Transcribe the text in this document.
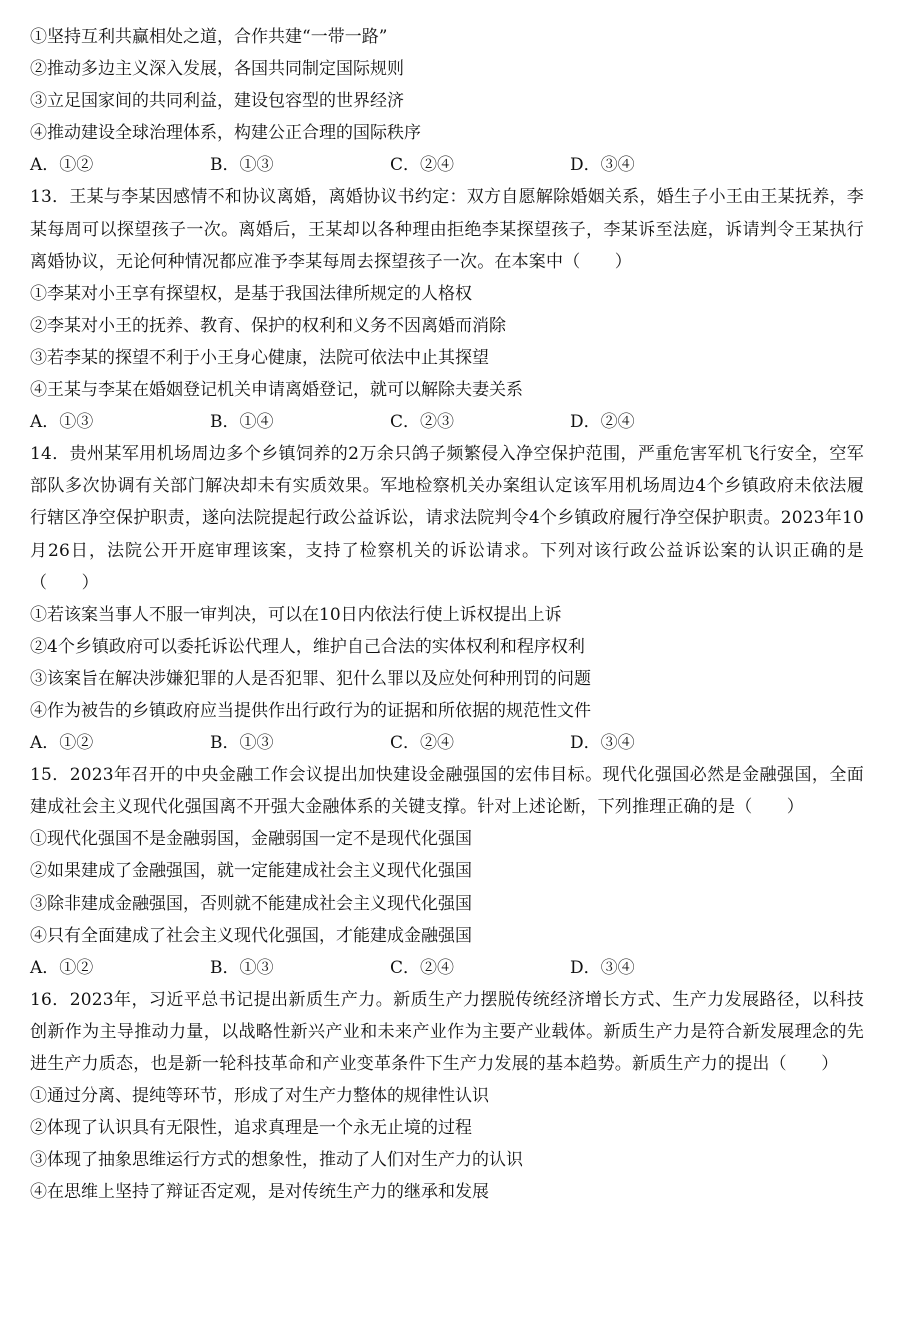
①坚持互利共赢相处之道，合作共建“一带一路”
②推动多边主义深入发展，各国共同制定国际规则
③立足国家间的共同利益，建设包容型的世界经济
④推动建设全球治理体系，构建公正合理的国际秩序
A．①②	B．①③	C．②④	D．③④
13．王某与李某因感情不和协议离婚，离婚协议书约定：双方自愿解除婚姻关系，婚生子小王由王某抚养，李某每周可以探望孩子一次。离婚后，王某却以各种理由拒绝李某探望孩子，李某诉至法庭，诉请判令王某执行离婚协议，无论何种情况都应准予李某每周去探望孩子一次。在本案中（　　）
①李某对小王享有探望权，是基于我国法律所规定的人格权
②李某对小王的抚养、教育、保护的权利和义务不因离婚而消除
③若李某的探望不利于小王身心健康，法院可依法中止其探望
④王某与李某在婚姻登记机关申请离婚登记，就可以解除夫妻关系
A．①③	B．①④	C．②③	D．②④
14．贵州某军用机场周边多个乡镇饲养的2万余只鸽子频繁侵入净空保护范围，严重危害军机飞行安全，空军部队多次协调有关部门解决却未有实质效果。军地检察机关办案组认定该军用机场周边4个乡镇政府未依法履行辖区净空保护职责，遂向法院提起行政公益诉讼，请求法院判令4个乡镇政府履行净空保护职责。2023年10月26日，法院公开开庭审理该案，支持了检察机关的诉讼请求。下列对该行政公益诉讼案的认识正确的是（　　）
①若该案当事人不服一审判决，可以在10日内依法行使上诉权提出上诉
②4个乡镇政府可以委托诉讼代理人，维护自己合法的实体权利和程序权利
③该案旨在解决涉嫌犯罪的人是否犯罪、犯什么罪以及应处何种刑罚的问题
④作为被告的乡镇政府应当提供作出行政行为的证据和所依据的规范性文件
A．①②	B．①③	C．②④	D．③④
15．2023年召开的中央金融工作会议提出加快建设金融强国的宏伟目标。现代化强国必然是金融强国，全面建成社会主义现代化强国离不开强大金融体系的关键支撑。针对上述论断，下列推理正确的是（　　）
①现代化强国不是金融弱国，金融弱国一定不是现代化强国
②如果建成了金融强国，就一定能建成社会主义现代化强国
③除非建成金融强国，否则就不能建成社会主义现代化强国
④只有全面建成了社会主义现代化强国，才能建成金融强国
A．①②	B．①③	C．②④	D．③④
16．2023年，习近平总书记提出新质生产力。新质生产力摆脱传统经济增长方式、生产力发展路径，以科技创新作为主导推动力量，以战略性新兴产业和未来产业作为主要产业载体。新质生产力是符合新发展理念的先进生产力质态，也是新一轮科技革命和产业变革条件下生产力发展的基本趋势。新质生产力的提出（　　）
①通过分离、提纯等环节，形成了对生产力整体的规律性认识
②体现了认识具有无限性，追求真理是一个永无止境的过程
③体现了抽象思维运行方式的想象性，推动了人们对生产力的认识
④在思维上坚持了辩证否定观，是对传统生产力的继承和发展
